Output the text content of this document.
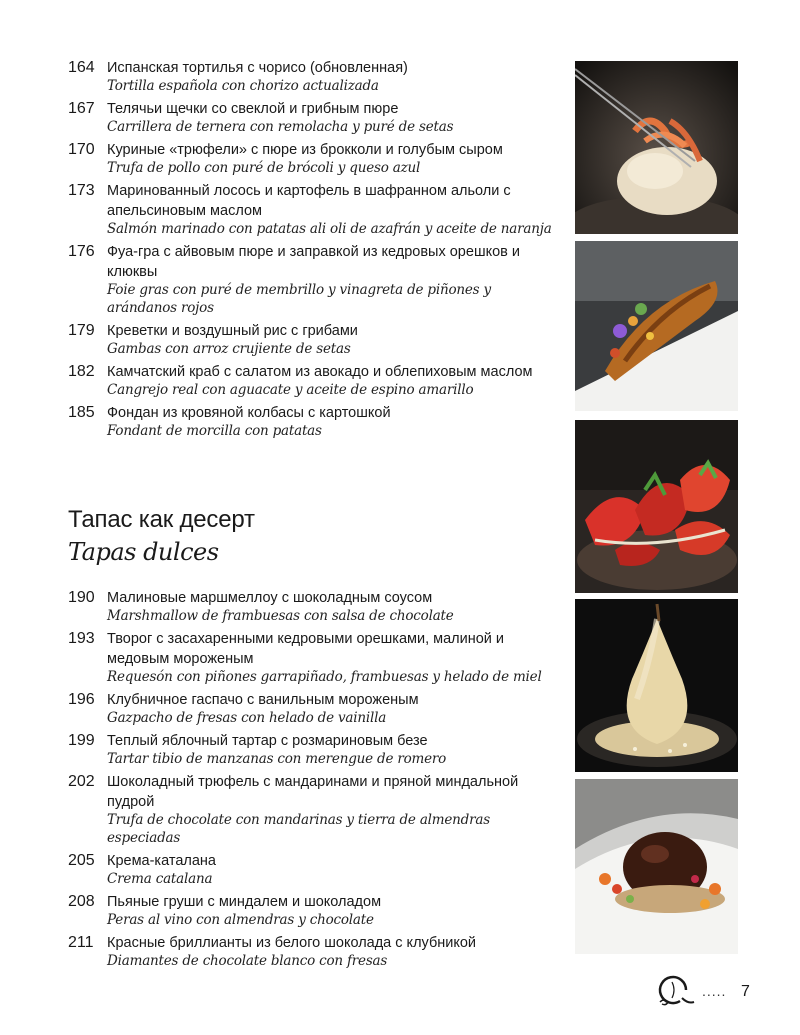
164 Испанская тортилья с чорисо (обновленная)
Tortilla española con chorizo actualizada
167 Телячьи щечки со свеклой и грибным пюре
Carrillera de ternera con remolacha y puré de setas
170 Куриные «трюфели» с пюре из брокколи и голубым сыром
Trufa de pollo con puré de brócoli y queso azul
173 Маринованный лосось и картофель в шафранном альоли с апельсиновым маслом
Salmón marinado con patatas ali oli de azafrán y aceite de naranja
176 Фуа-гра с айвовым пюре и заправкой из кедровых орешков и клюквы
Foie gras con puré de membrillo y vinagreta de piñones y arándanos rojos
179 Креветки и воздушный рис с грибами
Gambas con arroz crujiente de setas
182 Камчатский краб с салатом из авокадо и облепиховым маслом
Cangrejo real con aguacate y aceite de espino amarillo
185 Фондан из кровяной колбасы с картошкой
Fondant de morcilla con patatas
Тапас как десерт
Tapas dulces
190 Малиновые маршмеллоу с шоколадным соусом
Marshmallow de frambuesas con salsa de chocolate
193 Творог с засахаренными кедровыми орешками, малиной и медовым мороженым
Requesón con piñones garrapiñado, frambuesas y helado de miel
196 Клубничное гаспачо с ванильным мороженым
Gazpacho de fresas con helado de vainilla
199 Теплый яблочный тартар с розмариновым безе
Tartar tibio de manzanas con merengue de romero
202 Шоколадный трюфель с мандаринами и пряной миндальной пудрой
Trufa de chocolate con mandarinas y tierra de almendras especiadas
205 Крема-каталана
Crema catalana
208 Пьяные груши с миндалем и шоколадом
Peras al vino con almendras y chocolate
211 Красные бриллианты из белого шоколада с клубникой
Diamantes de chocolate blanco con fresas
..... 7
